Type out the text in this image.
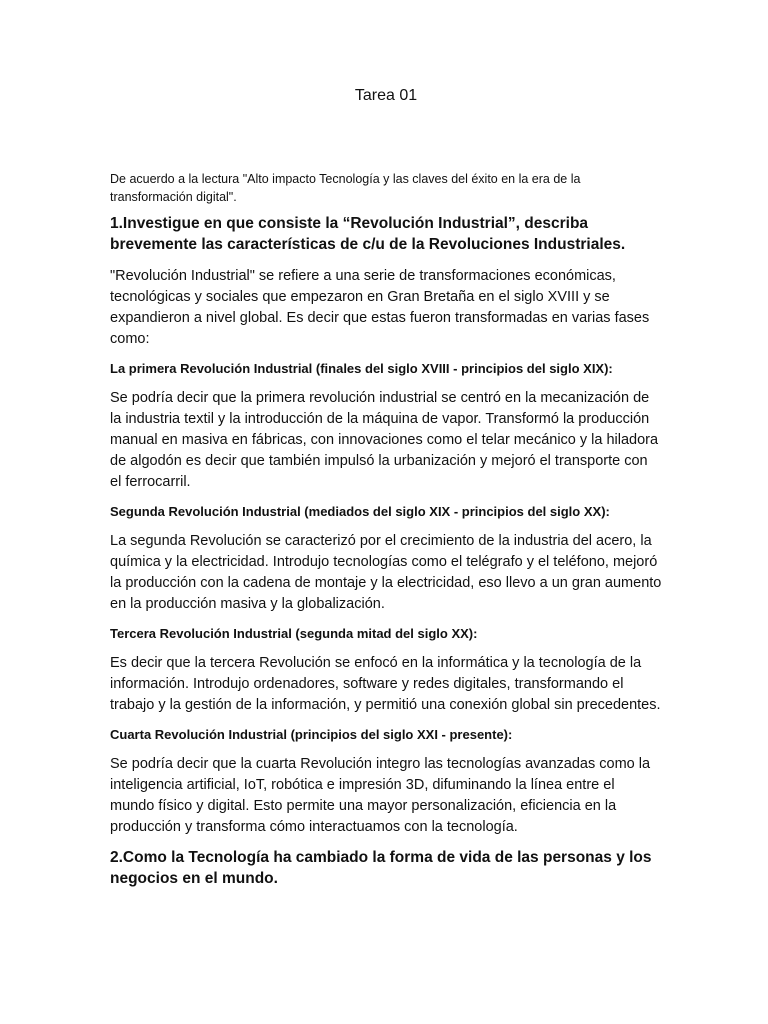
Tarea 01

De acuerdo a la lectura "Alto impacto Tecnología y las claves del éxito en la era de la transformación digital".

1.Investigue en que consiste la “Revolución Industrial”, describa brevemente las características de c/u de la Revoluciones Industriales.

"Revolución Industrial" se refiere a una serie de transformaciones económicas, tecnológicas y sociales que empezaron en Gran Bretaña en el siglo XVIII y se expandieron a nivel global. Es decir que estas fueron transformadas en varias fases como:

La primera Revolución Industrial (finales del siglo XVIII - principios del siglo XIX):

Se podría decir que la primera revolución industrial se centró en la mecanización de la industria textil y la introducción de la máquina de vapor. Transformó la producción manual en masiva en fábricas, con innovaciones como el telar mecánico y la hiladora de algodón es decir que también impulsó la urbanización y mejoró el transporte con el ferrocarril.

Segunda Revolución Industrial (mediados del siglo XIX - principios del siglo XX):

La segunda Revolución se caracterizó por el crecimiento de la industria del acero, la química y la electricidad. Introdujo tecnologías como el telégrafo y el teléfono, mejoró la producción con la cadena de montaje y la electricidad, eso llevo a un gran aumento en la producción masiva y la globalización.

Tercera Revolución Industrial (segunda mitad del siglo XX):

Es decir que la tercera Revolución se enfocó en la informática y la tecnología de la información. Introdujo ordenadores, software y redes digitales, transformando el trabajo y la gestión de la información, y permitió una conexión global sin precedentes.

Cuarta Revolución Industrial (principios del siglo XXI - presente):

Se podría decir que la cuarta Revolución integro las tecnologías avanzadas como la inteligencia artificial, IoT, robótica e impresión 3D, difuminando la línea entre el mundo físico y digital. Esto permite una mayor personalización, eficiencia en la producción y transforma cómo interactuamos con la tecnología.

2.Como la Tecnología ha cambiado la forma de vida de las personas y los negocios en el mundo.
